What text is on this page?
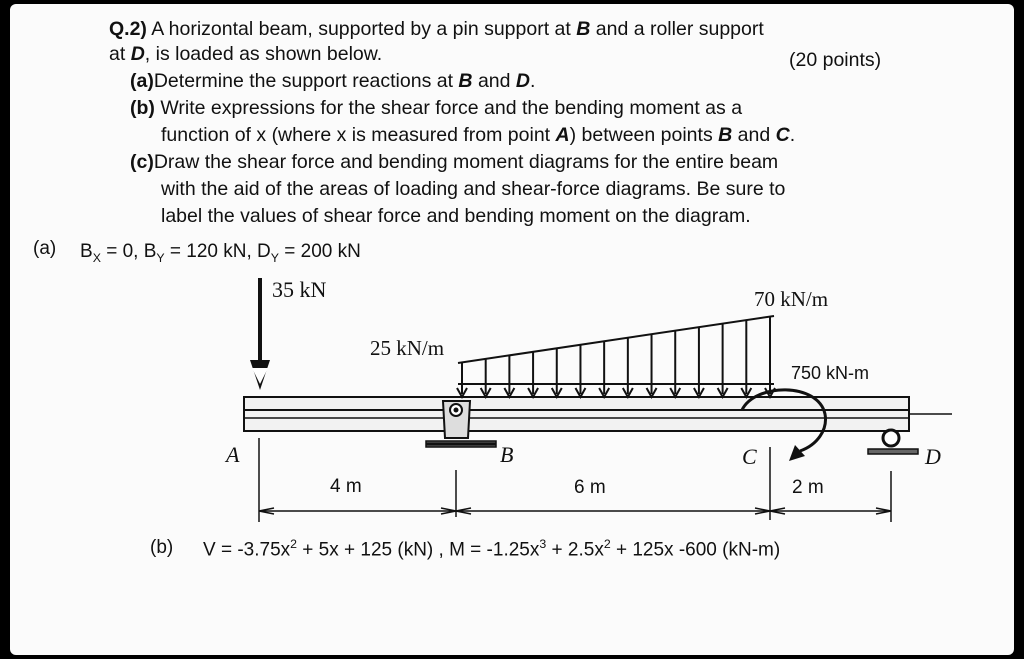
Q.2) A horizontal beam, supported by a pin support at B and a roller support
at D, is loaded as shown below.	(20 points)
(a)Determine the support reactions at B and D.
(b) Write expressions for the shear force and the bending moment as a
function of x (where x is measured from point A) between points B and C.
(c)Draw the shear force and bending moment diagrams for the entire beam
with the aid of the areas of loading and shear-force diagrams. Be sure to
label the values of shear force and bending moment on the diagram.
(a) $B_X = 0$, $B_Y = 120$ kN, $D_Y = 200$ kN
35 kN
25 kN/m
70 kN/m
750 kN-m
A	B	C	D
4 m	6 m	2 m
(b) $V = -3.75x^2 + 5x + 125$ (kN) , $M = -1.25x^3 + 2.5x^2 + 125x$ -600 (kN-m)
